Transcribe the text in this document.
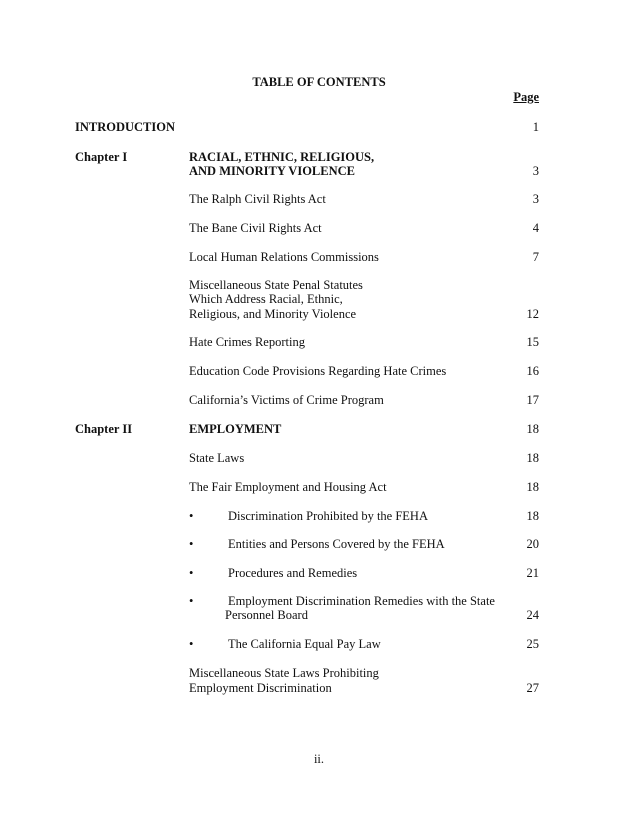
TABLE OF CONTENTS
Page
INTRODUCTION	1
Chapter I	RACIAL, ETHNIC, RELIGIOUS,
AND MINORITY VIOLENCE	3
The Ralph Civil Rights Act	3
The Bane Civil Rights Act	4
Local Human Relations Commissions	7
Miscellaneous State Penal Statutes
Which Address Racial, Ethnic,
Religious, and Minority Violence	12
Hate Crimes Reporting	15
Education Code Provisions Regarding Hate Crimes	16
California’s Victims of Crime Program	17
Chapter II	EMPLOYMENT	18
State Laws	18
The Fair Employment and Housing Act	18
•	Discrimination Prohibited by the FEHA	18
•	Entities and Persons Covered by the FEHA	20
•	Procedures and Remedies	21
•	Employment Discrimination Remedies with the State
Personnel Board	24
•	The California Equal Pay Law	25
Miscellaneous State Laws Prohibiting
Employment Discrimination	27
ii.
